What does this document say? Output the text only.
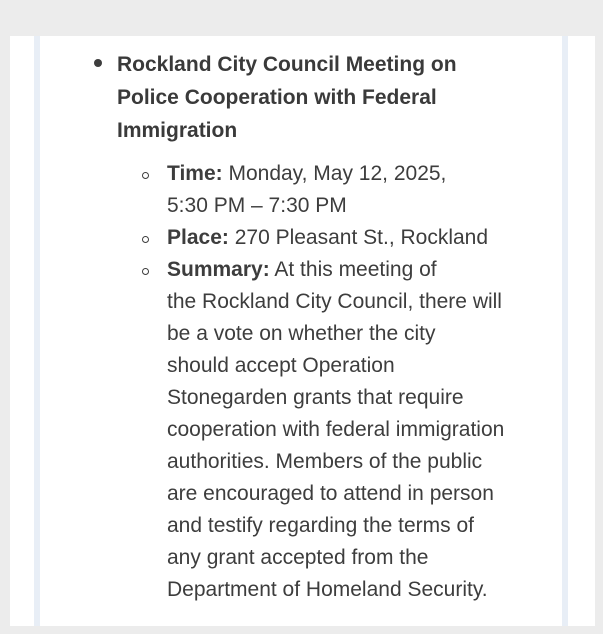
Rockland City Council Meeting on
Police Cooperation with Federal
Immigration

Time: Monday, May 12, 2025,
5:30 PM – 7:30 PM

Place: 270 Pleasant St., Rockland

Summary: At this meeting of
the Rockland City Council, there will
be a vote on whether the city
should accept Operation
Stonegarden grants that require
cooperation with federal immigration
authorities. Members of the public
are encouraged to attend in person
and testify regarding the terms of
any grant accepted from the
Department of Homeland Security.
